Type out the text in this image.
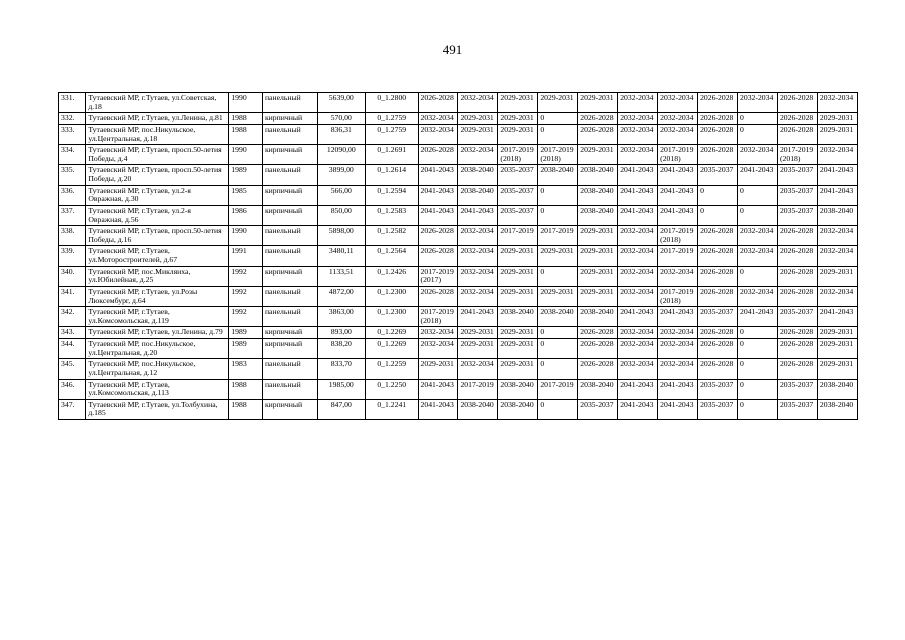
491
331.	Тутаевский МР, г.Тутаев, ул.Советская, д.18	1990	панельный	5639,00	0_1.2800	2026-2028	2032-2034	2029-2031	2029-2031	2029-2031	2032-2034	2032-2034	2026-2028	2032-2034	2026-2028	2032-2034
332.	Тутаевский МР, г.Тутаев, ул.Ленина, д.81	1988	кирпичный	570,00	0_1.2759	2032-2034	2029-2031	2029-2031	0	2026-2028	2032-2034	2032-2034	2026-2028	0	2026-2028	2029-2031
333.	Тутаевский МР, пос.Никульское, ул.Центральная, д.18	1988	панельный	836,31	0_1.2759	2032-2034	2029-2031	2029-2031	0	2026-2028	2032-2034	2032-2034	2026-2028	0	2026-2028	2029-2031
334.	Тутаевский МР, г.Тутаев, просп.50-летия Победы, д.4	1990	кирпичный	12090,00	0_1.2691	2026-2028	2032-2034	2017-2019 (2018)	2017-2019 (2018)	2029-2031	2032-2034	2017-2019 (2018)	2026-2028	2032-2034	2017-2019 (2018)	2032-2034
335.	Тутаевский МР, г.Тутаев, просп.50-летия Победы, д.20	1989	панельный	3899,00	0_1.2614	2041-2043	2038-2040	2035-2037	2038-2040	2038-2040	2041-2043	2041-2043	2035-2037	2041-2043	2035-2037	2041-2043
336.	Тутаевский МР, г.Тутаев, ул.2-я Овражная, д.30	1985	кирпичный	566,00	0_1.2594	2041-2043	2038-2040	2035-2037	0	2038-2040	2041-2043	2041-2043	0	0	2035-2037	2041-2043
337.	Тутаевский МР, г.Тутаев, ул.2-я Овражная, д.56	1986	кирпичный	850,00	0_1.2583	2041-2043	2041-2043	2035-2037	0	2038-2040	2041-2043	2041-2043	0	0	2035-2037	2038-2040
338.	Тутаевский МР, г.Тутаев, просп.50-летия Победы, д.16	1990	панельный	5898,00	0_1.2582	2026-2028	2032-2034	2017-2019	2017-2019	2029-2031	2032-2034	2017-2019 (2018)	2026-2028	2032-2034	2026-2028	2032-2034
339.	Тутаевский МР, г.Тутаев, ул.Моторостроителей, д.67	1991	панельный	3480,11	0_1.2564	2026-2028	2032-2034	2029-2031	2029-2031	2029-2031	2032-2034	2017-2019	2026-2028	2032-2034	2026-2028	2032-2034
340.	Тутаевский МР, пос.Микляиха, ул.Юбилейная, д.25	1992	кирпичный	1133,51	0_1.2426	2017-2019 (2017)	2032-2034	2029-2031	0	2029-2031	2032-2034	2032-2034	2026-2028	0	2026-2028	2029-2031
341.	Тутаевский МР, г.Тутаев, ул.Розы Люксембург, д.64	1992	панельный	4872,00	0_1.2300	2026-2028	2032-2034	2029-2031	2029-2031	2029-2031	2032-2034	2017-2019 (2018)	2026-2028	2032-2034	2026-2028	2032-2034
342.	Тутаевский МР, г.Тутаев, ул.Комсомольская, д.119	1992	панельный	3863,00	0_1.2300	2017-2019 (2018)	2041-2043	2038-2040	2038-2040	2038-2040	2041-2043	2041-2043	2035-2037	2041-2043	2035-2037	2041-2043
343.	Тутаевский МР, г.Тутаев, ул.Ленина, д.79	1989	кирпичный	893,00	0_1.2269	2032-2034	2029-2031	2029-2031	0	2026-2028	2032-2034	2032-2034	2026-2028	0	2026-2028	2029-2031
344.	Тутаевский МР, пос.Никульское, ул.Центральная, д.20	1989	кирпичный	838,20	0_1.2269	2032-2034	2029-2031	2029-2031	0	2026-2028	2032-2034	2032-2034	2026-2028	0	2026-2028	2029-2031
345.	Тутаевский МР, пос.Никульское, ул.Центральная, д.12	1983	панельный	833,70	0_1.2259	2029-2031	2032-2034	2029-2031	0	2026-2028	2032-2034	2032-2034	2026-2028	0	2026-2028	2029-2031
346.	Тутаевский МР, г.Тутаев, ул.Комсомольская, д.113	1988	панельный	1985,00	0_1.2250	2041-2043	2017-2019	2038-2040	2017-2019	2038-2040	2041-2043	2041-2043	2035-2037	0	2035-2037	2038-2040
347.	Тутаевский МР, г.Тутаев, ул.Толбухина, д.185	1988	кирпичный	847,00	0_1.2241	2041-2043	2038-2040	2038-2040	0	2035-2037	2041-2043	2041-2043	2035-2037	0	2035-2037	2038-2040
